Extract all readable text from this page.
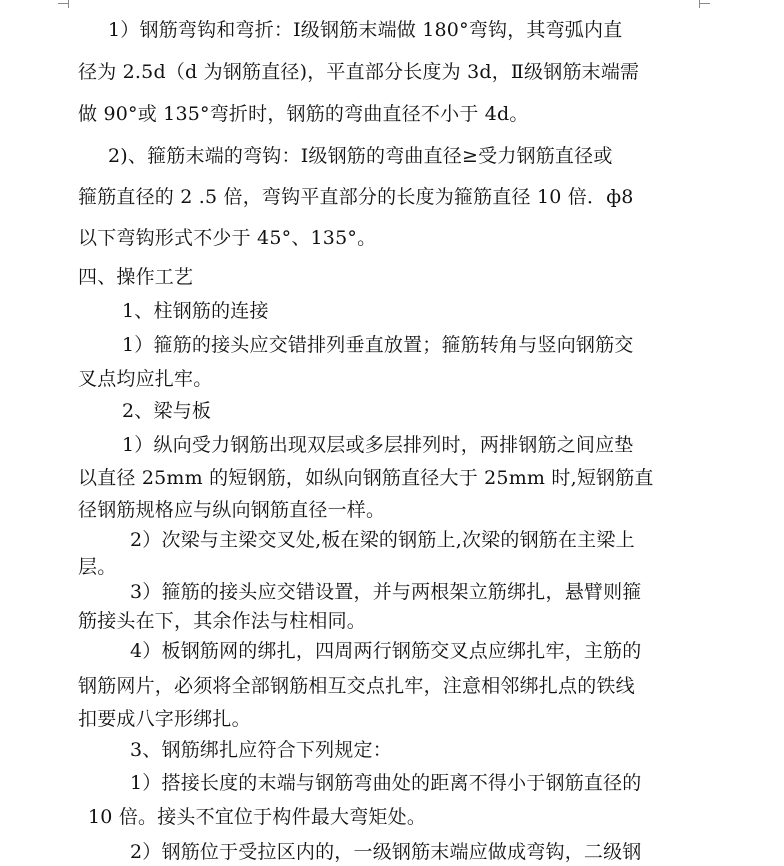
1）钢筋弯钩和弯折：Ⅰ级钢筋末端做 180°弯钩，其弯弧内直
径为 2.5d（d 为钢筋直径)，平直部分长度为 3d，Ⅱ级钢筋末端需
做 90°或 135°弯折时，钢筋的弯曲直径不小于 4d。
2)、箍筋末端的弯钩：Ⅰ级钢筋的弯曲直径≥受力钢筋直径或
箍筋直径的 2 .5 倍，弯钩平直部分的长度为箍筋直径 10 倍．ф8
以下弯钩形式不少于 45°、135°。
四、操作工艺
1、柱钢筋的连接
1）箍筋的接头应交错排列垂直放置；箍筋转角与竖向钢筋交
叉点均应扎牢。
2、梁与板
1）纵向受力钢筋出现双层或多层排列时，两排钢筋之间应垫
以直径 25mm 的短钢筋，如纵向钢筋直径大于 25mm 时,短钢筋直
径钢筋规格应与纵向钢筋直径一样。
2）次梁与主梁交叉处,板在梁的钢筋上,次梁的钢筋在主梁上
层。
3）箍筋的接头应交错设置，并与两根架立筋绑扎，悬臂则箍
筋接头在下，其余作法与柱相同。
4）板钢筋网的绑扎，四周两行钢筋交叉点应绑扎牢，主筋的
钢筋网片，必须将全部钢筋相互交点扎牢，注意相邻绑扎点的铁线
扣要成八字形绑扎。
3、钢筋绑扎应符合下列规定：
1）搭接长度的末端与钢筋弯曲处的距离不得小于钢筋直径的
10 倍。接头不宜位于构件最大弯矩处。
2）钢筋位于受拉区内的，一级钢筋末端应做成弯钩，二级钢
